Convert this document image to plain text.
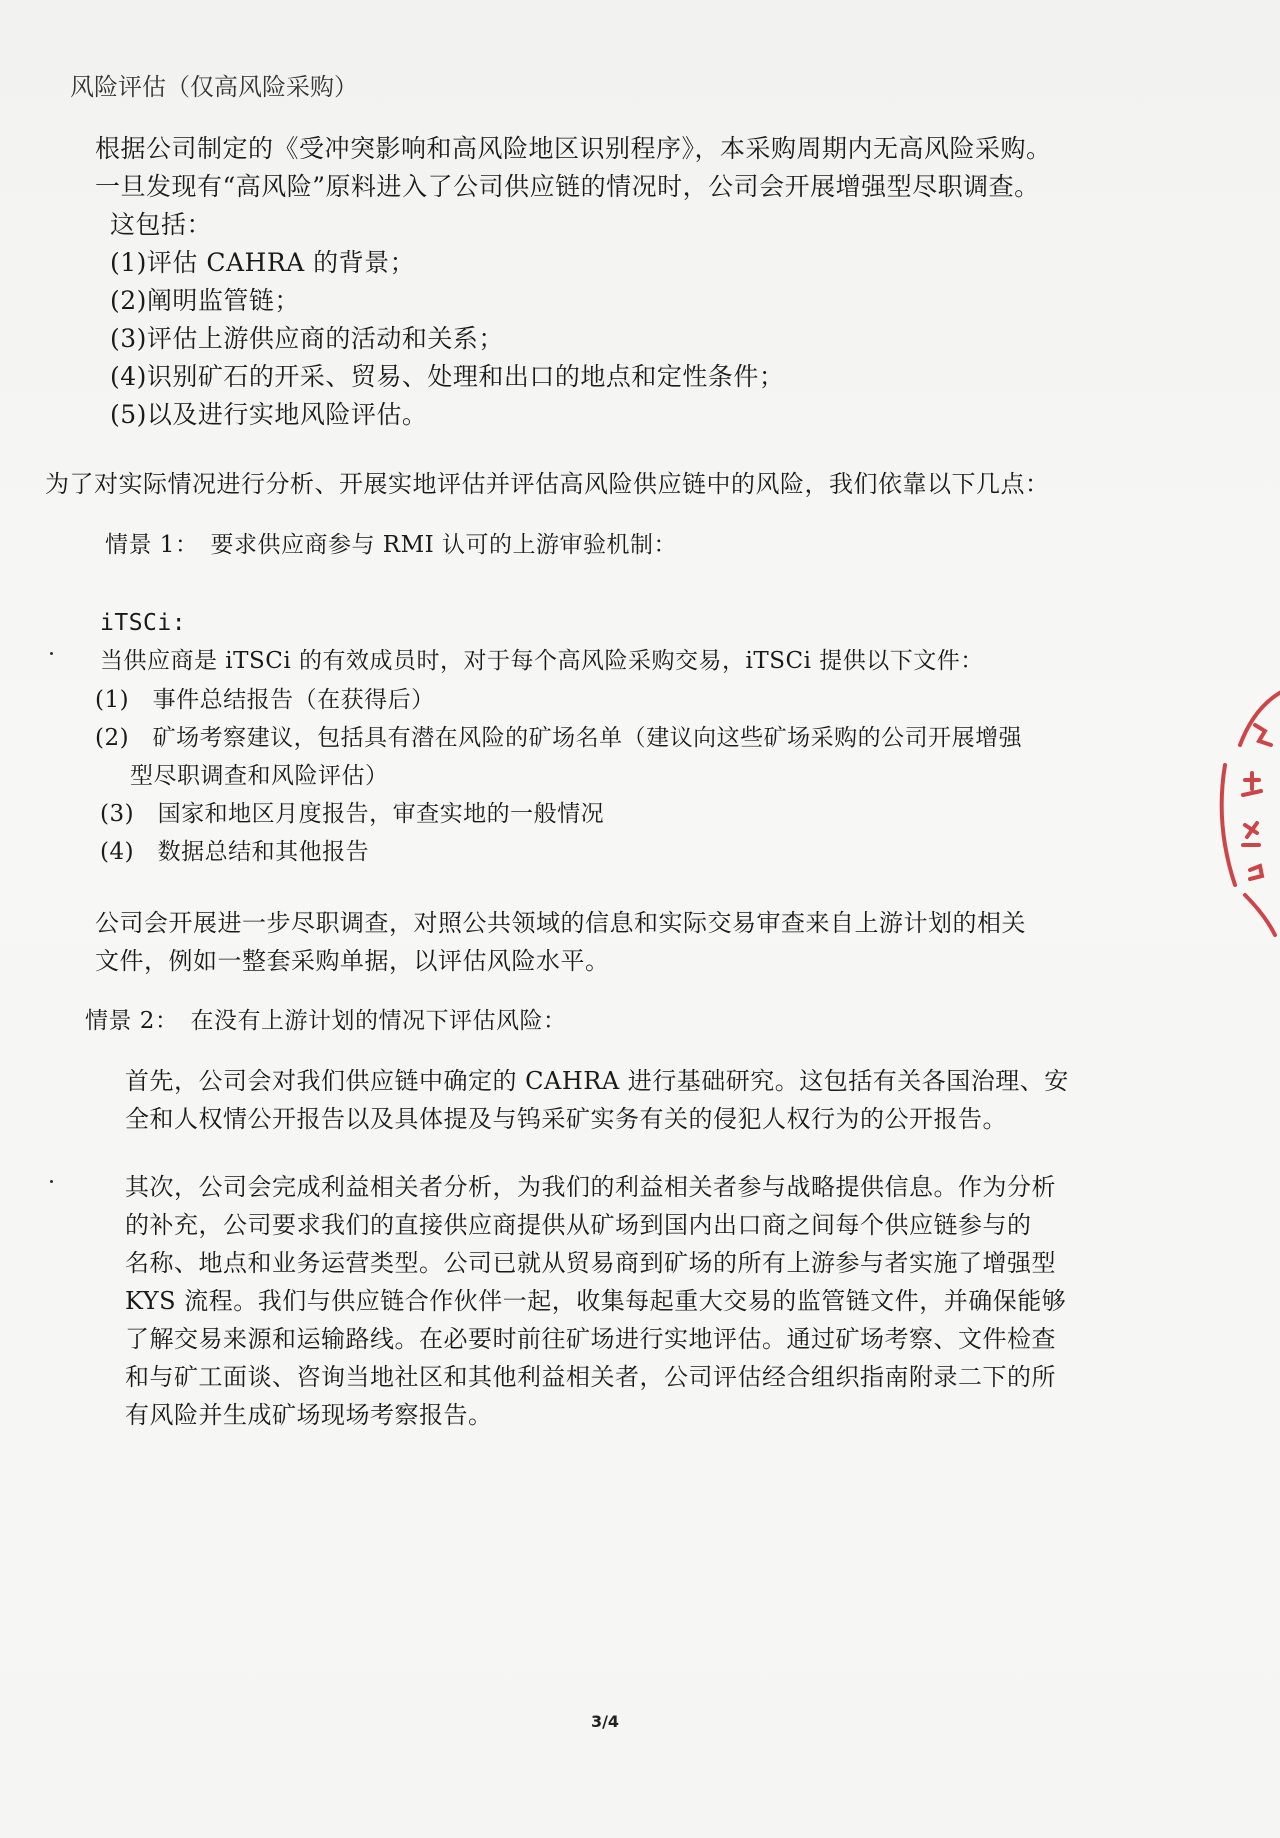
风险评估（仅高风险采购）
根据公司制定的《受冲突影响和高风险地区识别程序》，本采购周期内无高风险采购。
一旦发现有“高风险”原料进入了公司供应链的情况时，公司会开展增强型尽职调查。
这包括：
(1)评估 CAHRA 的背景；
(2)阐明监管链；
(3)评估上游供应商的活动和关系；
(4)识别矿石的开采、贸易、处理和出口的地点和定性条件；
(5)以及进行实地风险评估。
为了对实际情况进行分析、开展实地评估并评估高风险供应链中的风险，我们依靠以下几点：
情景 1：　要求供应商参与 RMI 认可的上游审验机制：
iTSCi:
当供应商是 iTSCi 的有效成员时，对于每个高风险采购交易，iTSCi 提供以下文件：
(1)　事件总结报告（在获得后）
(2)　矿场考察建议，包括具有潜在风险的矿场名单（建议向这些矿场采购的公司开展增强
型尽职调查和风险评估）
(3)　国家和地区月度报告，审查实地的一般情况
(4)　数据总结和其他报告
公司会开展进一步尽职调查，对照公共领域的信息和实际交易审查来自上游计划的相关
文件，例如一整套采购单据，以评估风险水平。
情景 2：　在没有上游计划的情况下评估风险：
首先，公司会对我们供应链中确定的 CAHRA 进行基础研究。这包括有关各国治理、安
全和人权情公开报告以及具体提及与钨采矿实务有关的侵犯人权行为的公开报告。
其次，公司会完成利益相关者分析，为我们的利益相关者参与战略提供信息。作为分析
的补充，公司要求我们的直接供应商提供从矿场到国内出口商之间每个供应链参与的
名称、地点和业务运营类型。公司已就从贸易商到矿场的所有上游参与者实施了增强型
KYS 流程。我们与供应链合作伙伴一起，收集每起重大交易的监管链文件，并确保能够
了解交易来源和运输路线。在必要时前往矿场进行实地评估。通过矿场考察、文件检查
和与矿工面谈、咨询当地社区和其他利益相关者，公司评估经合组织指南附录二下的所
有风险并生成矿场现场考察报告。
3/4
